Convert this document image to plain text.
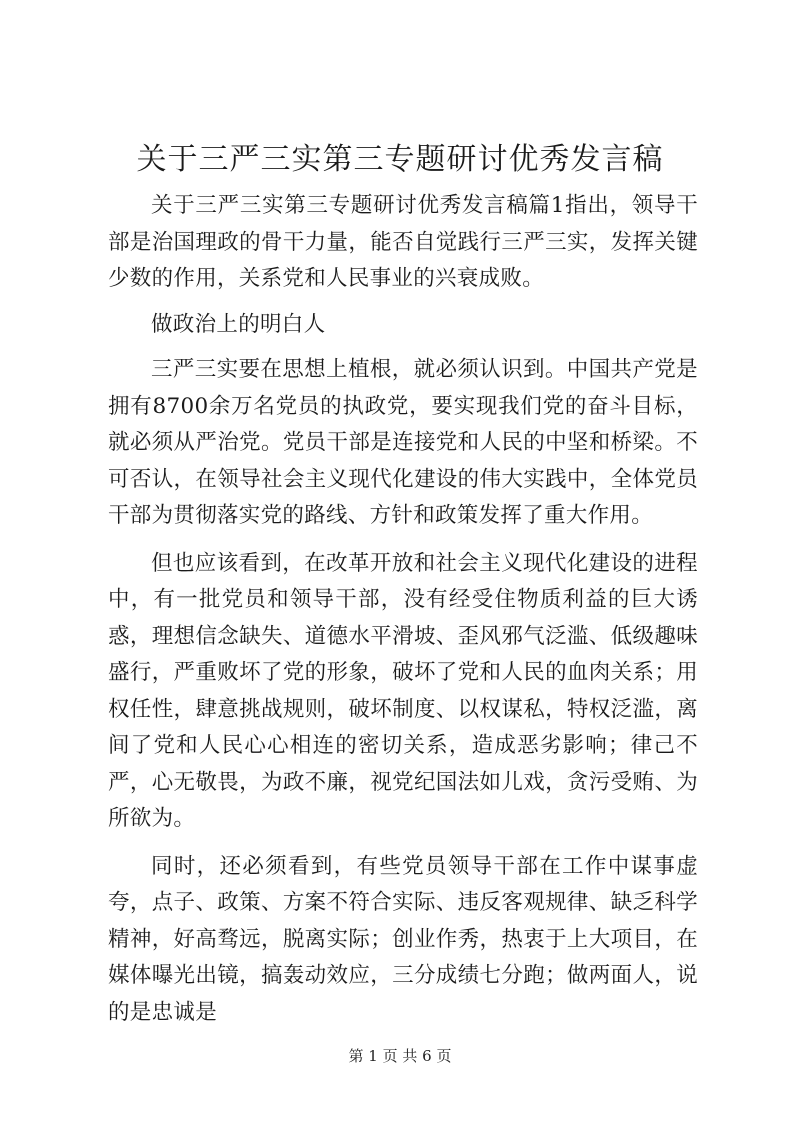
关于三严三实第三专题研讨优秀发言稿

关于三严三实第三专题研讨优秀发言稿篇1指出，领导干部是治国理政的骨干力量，能否自觉践行三严三实，发挥关键少数的作用，关系党和人民事业的兴衰成败。

做政治上的明白人

三严三实要在思想上植根，就必须认识到。中国共产党是拥有8700余万名党员的执政党，要实现我们党的奋斗目标，就必须从严治党。党员干部是连接党和人民的中坚和桥梁。不可否认，在领导社会主义现代化建设的伟大实践中，全体党员干部为贯彻落实党的路线、方针和政策发挥了重大作用。

但也应该看到，在改革开放和社会主义现代化建设的进程中，有一批党员和领导干部，没有经受住物质利益的巨大诱惑，理想信念缺失、道德水平滑坡、歪风邪气泛滥、低级趣味盛行，严重败坏了党的形象，破坏了党和人民的血肉关系；用权任性，肆意挑战规则，破坏制度、以权谋私，特权泛滥，离间了党和人民心心相连的密切关系，造成恶劣影响；律己不严，心无敬畏，为政不廉，视党纪国法如儿戏，贪污受贿、为所欲为。

同时，还必须看到，有些党员领导干部在工作中谋事虚夸，点子、政策、方案不符合实际、违反客观规律、缺乏科学精神，好高骛远，脱离实际；创业作秀，热衷于上大项目，在媒体曝光出镜，搞轰动效应，三分成绩七分跑；做两面人，说的是忠诚是

第 1 页 共 6 页
